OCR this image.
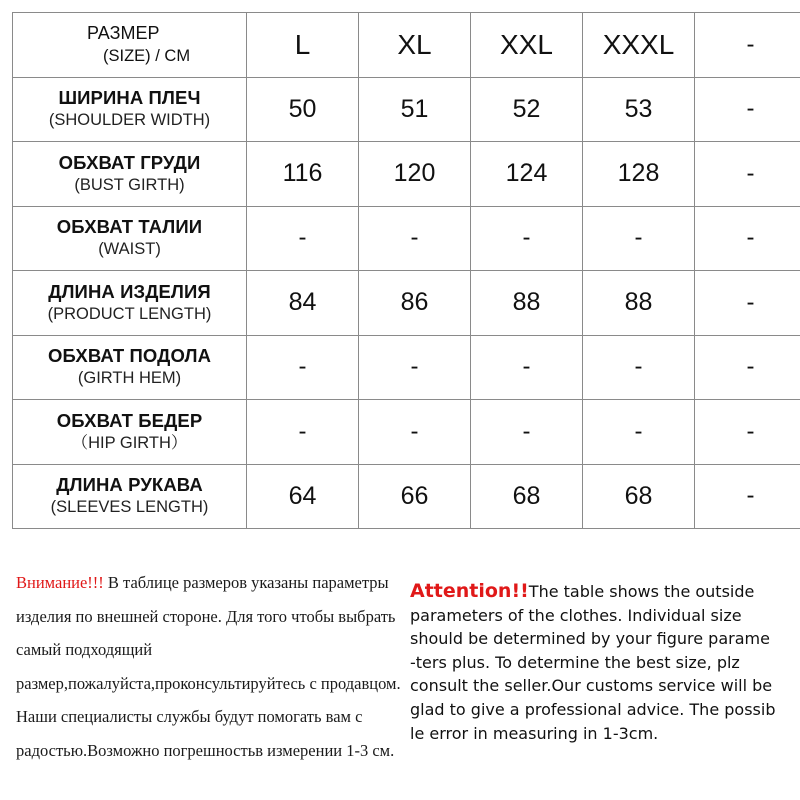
РАЗМЕР
(SIZE) / CM	L	XL	XXL	XXXL	-

ШИРИНА ПЛЕЧ
(SHOULDER WIDTH)	50	51	52	53	-

ОБХВАТ ГРУДИ
(BUST GIRTH)	116	120	124	128	-

ОБХВАТ ТАЛИИ
(WAIST)	-	-	-	-	-

ДЛИНА ИЗДЕЛИЯ
(PRODUCT LENGTH)	84	86	88	88	-

ОБХВАТ ПОДОЛА
(GIRTH HEM)	-	-	-	-	-

ОБХВАТ БЕДЕР
（HIP GIRTH）	-	-	-	-	-

ДЛИНА РУКАВА
(SLEEVES LENGTH)	64	66	68	68	-
Внимание!!! В таблице размеров указаны параметры изделия по внешней стороне. Для того чтобы выбрать самый подходящий размер,пожалуйста,проконсультируйтесь с продавцом. Наши специалисты службы будут помогать вам с радостью.Возможно погрешностьв измерении 1-3 см.
Attention!!The table shows the outside
parameters of the clothes. Individual size
should be determined by your figure parame
-ters plus. To determine the best size, plz
consult the seller.Our customs service will be
glad to give a professional advice. The possib
le error in measuring in 1-3cm.
